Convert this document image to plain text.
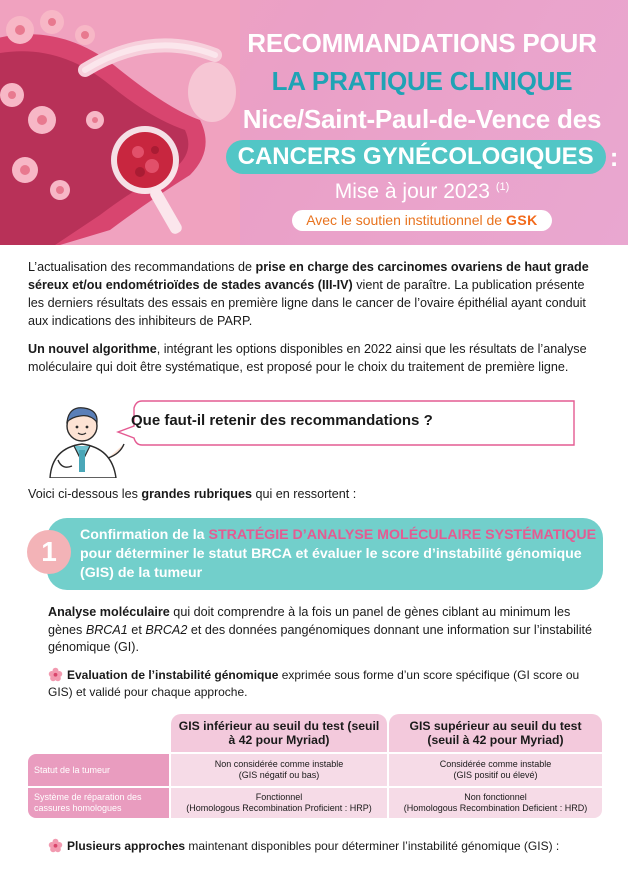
RECOMMANDATIONS POUR
LA PRATIQUE CLINIQUE
Nice/Saint-Paul-de-Vence des
CANCERS GYNÉCOLOGIQUES :
Mise à jour 2023 $^{(1)}$
Avec le soutien institutionnel de GSK

L’actualisation des recommandations de prise en charge des carcinomes ovariens de haut grade séreux et/ou endométrioïdes de stades avancés (III-IV) vient de paraître. La publication présente les derniers résultats des essais en première ligne dans le cancer de l’ovaire épithélial ayant conduit aux indications des inhibiteurs de PARP.

Un nouvel algorithme, intégrant les options disponibles en 2022 ainsi que les résultats de l’analyse moléculaire qui doit être systématique, est proposé pour le choix du traitement de première ligne.

Que faut-il retenir des recommandations ?
Voici ci-dessous les grandes rubriques qui en ressortent :
1
Confirmation de la STRATÉGIE D’ANALYSE MOLÉCULAIRE SYSTÉMATIQUE pour déterminer le statut BRCA et évaluer le score d’instabilité génomique (GIS) de la tumeur
Analyse moléculaire qui doit comprendre à la fois un panel de gènes ciblant au minimum les gènes BRCA1 et BRCA2 et des données pangénomiques donnant une information sur l’instabilité génomique (GI).
Evaluation de l’instabilité génomique exprimée sous forme d’un score spécifique (GI score ou GIS) et validé pour chaque approche.
GIS inférieur au seuil du test (seuil à 42 pour Myriad)
GIS supérieur au seuil du test (seuil à 42 pour Myriad)
Statut de la tumeur
Non considérée comme instable
(GIS négatif ou bas)
Considérée comme instable
(GIS positif ou élevé)
Système de réparation des cassures homologues
Fonctionnel
(Homologous Recombination Proficient : HRP)
Non fonctionnel
(Homologous Recombination Deficient : HRD)
Plusieurs approches maintenant disponibles pour déterminer l’instabilité génomique (GIS) :
